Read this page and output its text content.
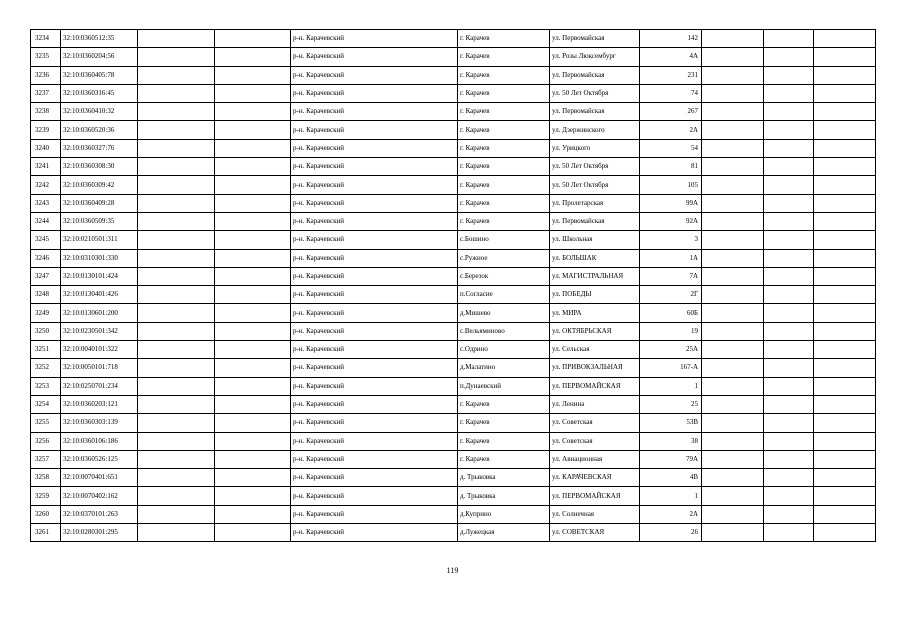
3234	32:10:0360512:35			р-н. Карачевский	г. Карачев	ул. Первомайская	142			
3235	32:10:0360204:56			р-н. Карачевский	г. Карачев	ул. Розы Люксембург	4А			
3236	32:10:0360405:78			р-н. Карачевский	г. Карачев	ул. Первомайская	231			
3237	32:10:0360316:45			р-н. Карачевский	г. Карачев	ул. 50 Лет Октября	74			
3238	32:10:0360410:32			р-н. Карачевский	г. Карачев	ул. Первомайская	267			
3239	32:10:0360520:36			р-н. Карачевский	г. Карачев	ул. Дзержинского	2А			
3240	32:10:0360327:76			р-н. Карачевский	г. Карачев	ул. Урицкого	54			
3241	32:10:0360308:30			р-н. Карачевский	г. Карачев	ул. 50 Лет Октября	81			
3242	32:10:0360309:42			р-н. Карачевский	г. Карачев	ул. 50 Лет Октября	105			
3243	32:10:0360409:28			р-н. Карачевский	г. Карачев	ул. Пролетарская	99А			
3244	32:10:0360509:35			р-н. Карачевский	г. Карачев	ул. Первомайская	92А			
3245	32:10:0210501:311			р-н. Карачевский	с.Бошино	ул. Школьная	3			
3246	32:10:0310301:330			р-н. Карачевский	с.Ружное	ул. БОЛЬШАК	1А			
3247	32:10:0130101:424			р-н. Карачевский	с.Березок	ул. МАГИСТРАЛЬНАЯ	7А			
3248	32:10:0130401:426			р-н. Карачевский	п.Согласие	ул. ПОБЕДЫ	2Г			
3249	32:10:0130601:200			р-н. Карачевский	д.Мишево	ул. МИРА	60Б			
3250	32:10:0230501:342			р-н. Карачевский	с.Вельяминово	ул. ОКТЯБРЬСКАЯ	19			
3251	32:10:0040101:322			р-н. Карачевский	с.Одрино	ул. Сельская	25А			
3252	32:10:0050101:718			р-н. Карачевский	д.Малатино	ул. ПРИВОКЗАЛЬНАЯ	167-А			
3253	32:10:0250701:234			р-н. Карачевский	п.Дунаевский	ул. ПЕРВОМАЙСКАЯ	1			
3254	32:10:0360203:121			р-н. Карачевский	г. Карачев	ул. Ленина	25			
3255	32:10:0360303:139			р-н. Карачевский	г. Карачев	ул. Советская	53В			
3256	32:10:0360106:186			р-н. Карачевский	г. Карачев	ул. Советская	38			
3257	32:10:0360526:125			р-н. Карачевский	г. Карачев	ул. Авиационная	79А			
3258	32:10:0070401:651			р-н. Карачевский	д. Трыковка	ул. КАРАЧЕВСКАЯ	4В			
3259	32:10:0070402:162			р-н. Карачевский	д. Трыковка	ул. ПЕРВОМАЙСКАЯ	1			
3260	32:10:0370101:263			р-н. Карачевский	д.Куприно	ул. Солнечная	2А			
3261	32:10:0280301:295			р-н. Карачевский	д.Лужецкая	ул. СОВЕТСКАЯ	26			
119
